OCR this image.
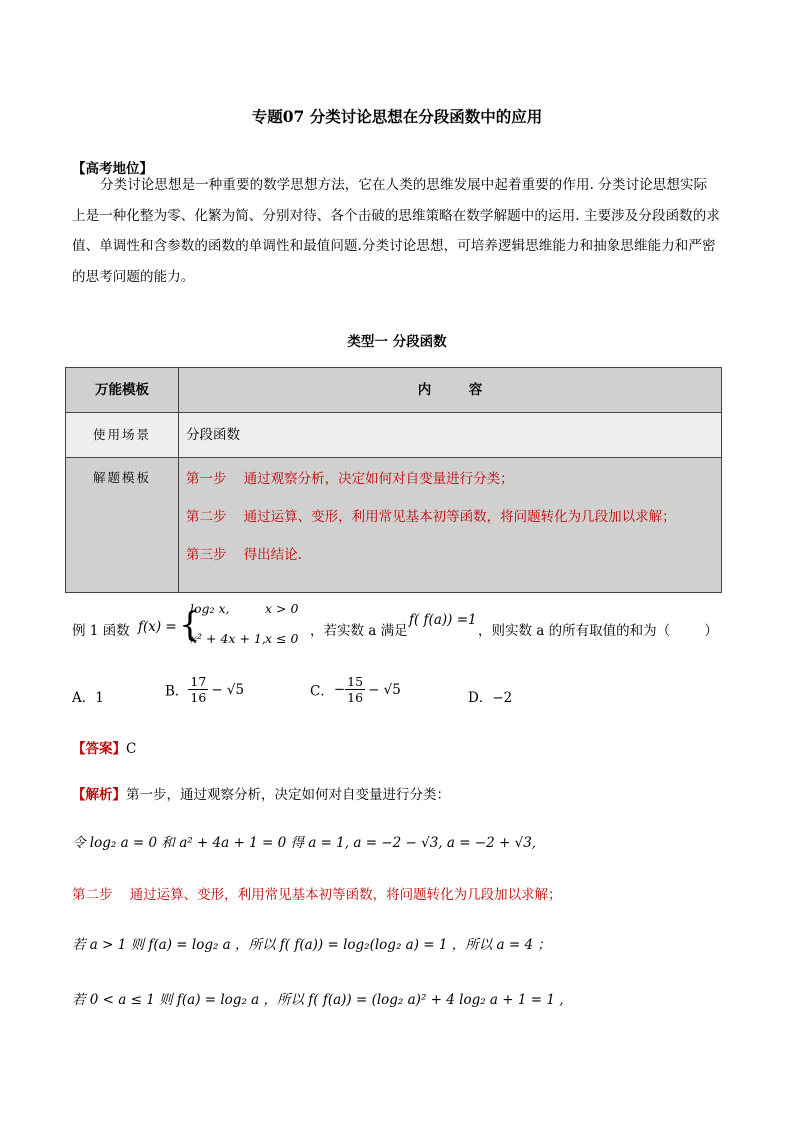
专题07 分类讨论思想在分段函数中的应用
【高考地位】
分类讨论思想是一种重要的数学思想方法，它在人类的思维发展中起着重要的作用. 分类讨论思想实际上是一种化整为零、化繁为简、分别对待、各个击破的思维策略在数学解题中的运用. 主要涉及分段函数的求值、单调性和含参数的函数的单调性和最值问题.分类讨论思想，可培养逻辑思维能力和抽象思维能力和严密的思考问题的能力。
类型一 分段函数
万能模板	内        容

使用场景	分段函数

解题模板	第一步    通过观察分析，决定如何对自变量进行分类；
第二步    通过运算、变形，利用常见基本初等函数，将问题转化为几段加以求解；
第三步    得出结论.
例 1 函数 f(x) = {
log₂ x,	x > 0
x² + 4x + 1, x ≤ 0 ，若实数 a 满足
f( f(a)) =1
，则实数 a 的所有取值的和为（        ）
A．1	B． $\frac{17}{16} - √5$	C．− $\frac{15}{16} - √5$
D．−2
【答案】C
【解析】第一步，通过观察分析，决定如何对自变量进行分类：
令 log₂ a = 0 和 a² + 4a + 1 = 0 得 a = 1, a = −2 − √3, a = −2 + √3,
第二步    通过运算、变形，利用常见基本初等函数，将问题转化为几段加以求解；
若 a > 1 则 f(a) = log₂ a ，所以 f( f(a)) = log₂(log₂ a) = 1 ，所以 a = 4 ；
若 0 < a ≤ 1 则 f(a) = log₂ a ，所以 f( f(a)) = (log₂ a)² + 4 log₂ a + 1 = 1 ,
